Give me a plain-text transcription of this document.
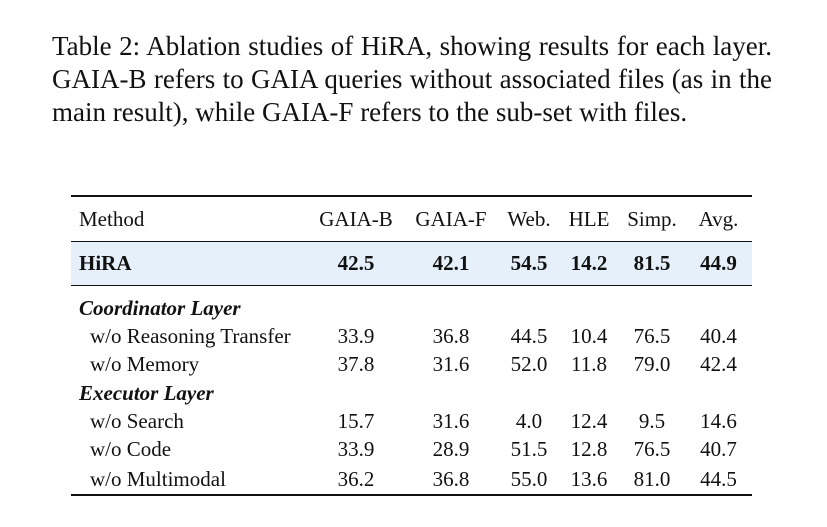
Table 2: Ablation studies of HiRA, showing results for each layer. GAIA-B refers to GAIA queries without associated files (as in the main result), while GAIA-F refers to the sub-set with files.
Method	GAIA-B	GAIA-F	Web.	HLE	Simp.	Avg.
HiRA	42.5	42.1	54.5	14.2	81.5	44.9

Coordinator Layer						
w/o Reasoning Transfer	33.9	36.8	44.5	10.4	76.5	40.4
w/o Memory	37.8	31.6	52.0	11.8	79.0	42.4
Executor Layer						
w/o Search	15.7	31.6	4.0	12.4	9.5	14.6
w/o Code	33.9	28.9	51.5	12.8	76.5	40.7
w/o Multimodal	36.2	36.8	55.0	13.6	81.0	44.5
